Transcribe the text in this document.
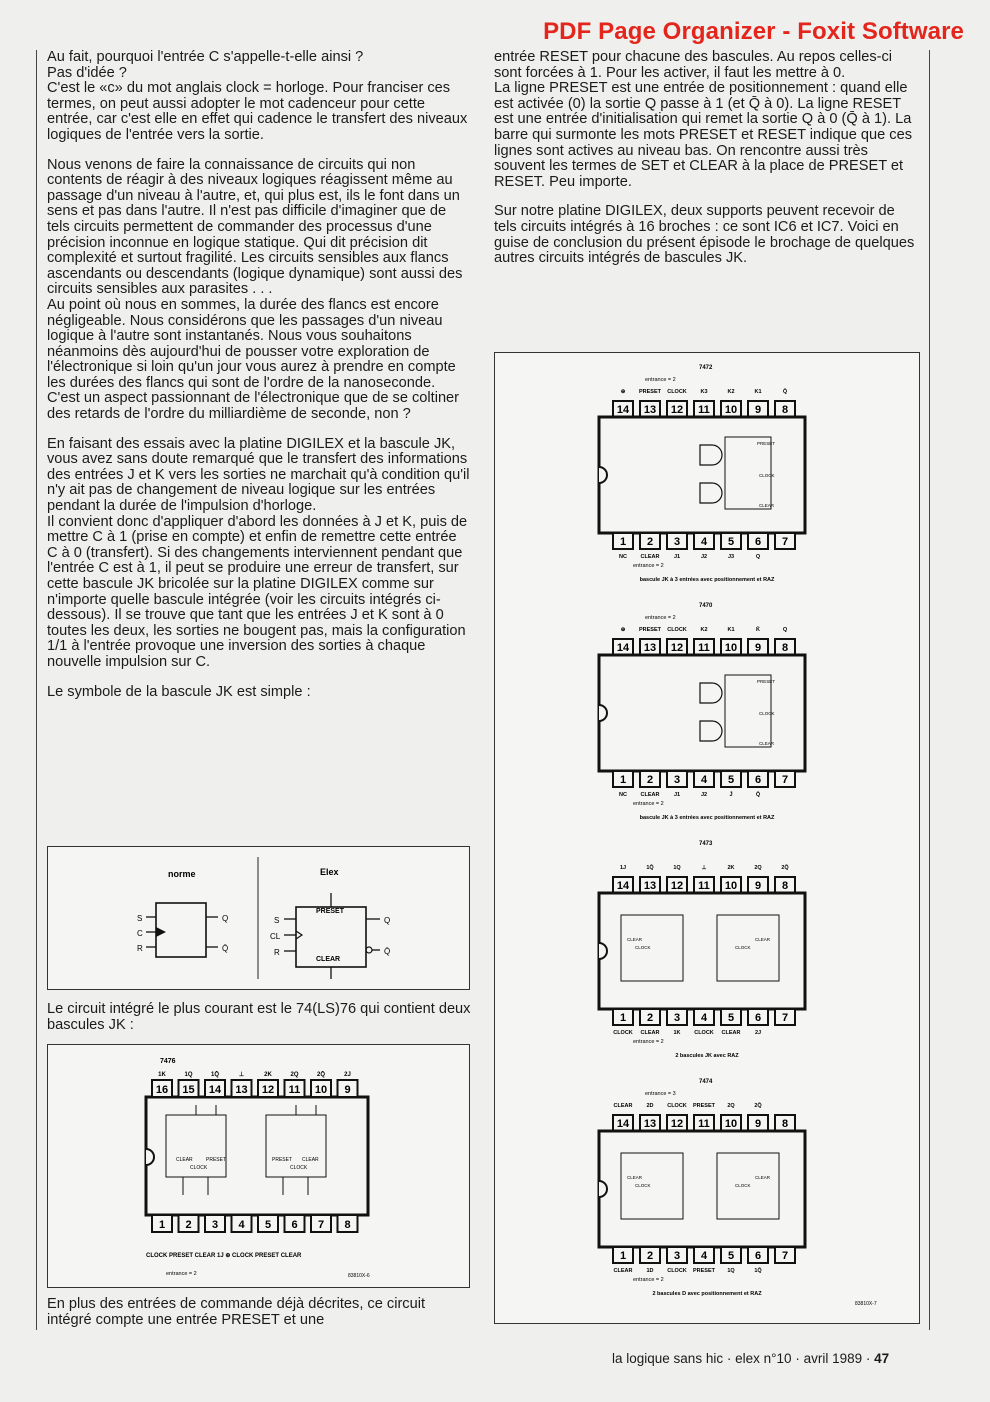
PDF Page Organizer - Foxit Software

Au fait, pourquoi l'entrée C s'appelle-t-elle ainsi ?
Pas d'idée ?
C'est le «c» du mot anglais clock = horloge. Pour franciser ces termes, on peut aussi adopter le mot cadenceur pour cette entrée, car c'est elle en effet qui cadence le transfert des niveaux logiques de l'entrée vers la sortie.

Nous venons de faire la connaissance de circuits qui non contents de réagir à des niveaux logiques réagissent même au passage d'un niveau à l'autre, et, qui plus est, ils le font dans un sens et pas dans l'autre. Il n'est pas difficile d'imaginer que de tels circuits permettent de commander des processus d'une précision inconnue en logique statique. Qui dit précision dit complexité et surtout fragilité. Les circuits sensibles aux flancs ascendants ou descendants (logique dynamique) sont aussi des circuits sensibles aux parasites . . .
Au point où nous en sommes, la durée des flancs est encore négligeable. Nous considérons que les passages d'un niveau logique à l'autre sont instantanés. Nous vous souhaitons néanmoins dès aujourd'hui de pousser votre exploration de l'électronique si loin qu'un jour vous aurez à prendre en compte les durées des flancs qui sont de l'ordre de la nanoseconde. C'est un aspect passionnant de l'électronique que de se coltiner des retards de l'ordre du milliardième de seconde, non ?

En faisant des essais avec la platine DIGILEX et la bascule JK, vous avez sans doute remarqué que le transfert des informations des entrées J et K vers les sorties ne marchait qu'à condition qu'il n'y ait pas de changement de niveau logique sur les entrées pendant la durée de l'impulsion d'horloge.
Il convient donc d'appliquer d'abord les données à J et K, puis de mettre C à 1 (prise en compte) et enfin de remettre cette entrée C à 0 (transfert). Si des changements interviennent pendant que l'entrée C est à 1, il peut se produire une erreur de transfert, sur cette bascule JK bricolée sur la platine DIGILEX comme sur n'importe quelle bascule intégrée (voir les circuits intégrés ci-dessous). Il se trouve que tant que les entrées J et K sont à 0 toutes les deux, les sorties ne bougent pas, mais la configuration 1/1 à l'entrée provoque une inversion des sorties à chaque nouvelle impulsion sur C.

Le symbole de la bascule JK est simple :

norme	Elex
S
C
R
Q
Q̄
PRESET
CLEAR
S
CL
R
Q
Q̄

Le circuit intégré le plus courant est le 74(LS)76 qui contient deux bascules JK :

7476
CLEAR	PRESET
CLOCK
PRESET CLEAR
CLOCK
16
1K
15
1Q
14
1Q̄
13
⊥
12
2K
11
2Q
10
2Q̄
9
2J
1 2 3 4 5 6 7 8
CLOCK PRESET CLEAR 1J ⊕ CLOCK PRESET CLEAR
entrance = 2	83810X-6

En plus des entrées de commande déjà décrites, ce circuit intégré compte une entrée PRESET et une

entrée RESET pour chacune des bascules. Au repos celles-ci sont forcées à 1. Pour les activer, il faut les mettre à 0.
La ligne PRESET est une entrée de positionnement : quand elle est activée (0) la sortie Q passe à 1 (et Q̄ à 0). La ligne RESET est une entrée d'initialisation qui remet la sortie Q à 0 (Q̄ à 1). La barre qui surmonte les mots PRESET et RESET indique que ces lignes sont actives au niveau bas. On rencontre aussi très souvent les termes de SET et CLEAR à la place de PRESET et RESET. Peu importe.

Sur notre platine DIGILEX, deux supports peuvent recevoir de tels circuits intégrés à 16 broches : ce sont IC6 et IC7. Voici en guise de conclusion du présent épisode le brochage de quelques autres circuits intégrés de bascules JK.

7472
entrance = 2
⊕ PRESET CLOCK K3	K2	K1	Q̄
14 13 12 11 10 9 8
PRESET
CLOCK
CLEAR
1 2 3 4 5 6 7
NC CLEAR	J1	J2	J3	Q
entrance = 2
bascule JK à 3 entrées avec positionnement et RAZ
7470
entrance = 2
⊕ PRESET CLOCK K2	K1	K̄	Q
14 13 12 11 10 9 8
PRESET
CLOCK
CLEAR
1 2 3 4 5 6 7
NC CLEAR	J1	J2	J̄	Q̄
entrance = 2
bascule JK à 3 entrées avec positionnement et RAZ
7473
1J	1Q̄	1Q	⊥	2K	2Q	2Q̄
14 13 12 11 10 9 8
CLEAR
CLOCK
CLEAR
CLOCK
1 2 3 4 5 6 7
CLOCK CLEAR	1K CLOCK CLEAR	2J
entrance = 2
2 bascules JK avec RAZ
7474
entrance = 3
CLEAR	2D CLOCK PRESET 2Q	2Q̄
14 13 12 11 10 9 8
CLEAR
CLOCK
CLEAR
CLOCK
1 2 3 4 5 6 7
CLEAR	1D CLOCK PRESET 1Q	1Q̄
entrance = 2
2 bascules D avec positionnement et RAZ
83810X-7
la logique sans hic · elex n°10 · avril 1989 · 47
